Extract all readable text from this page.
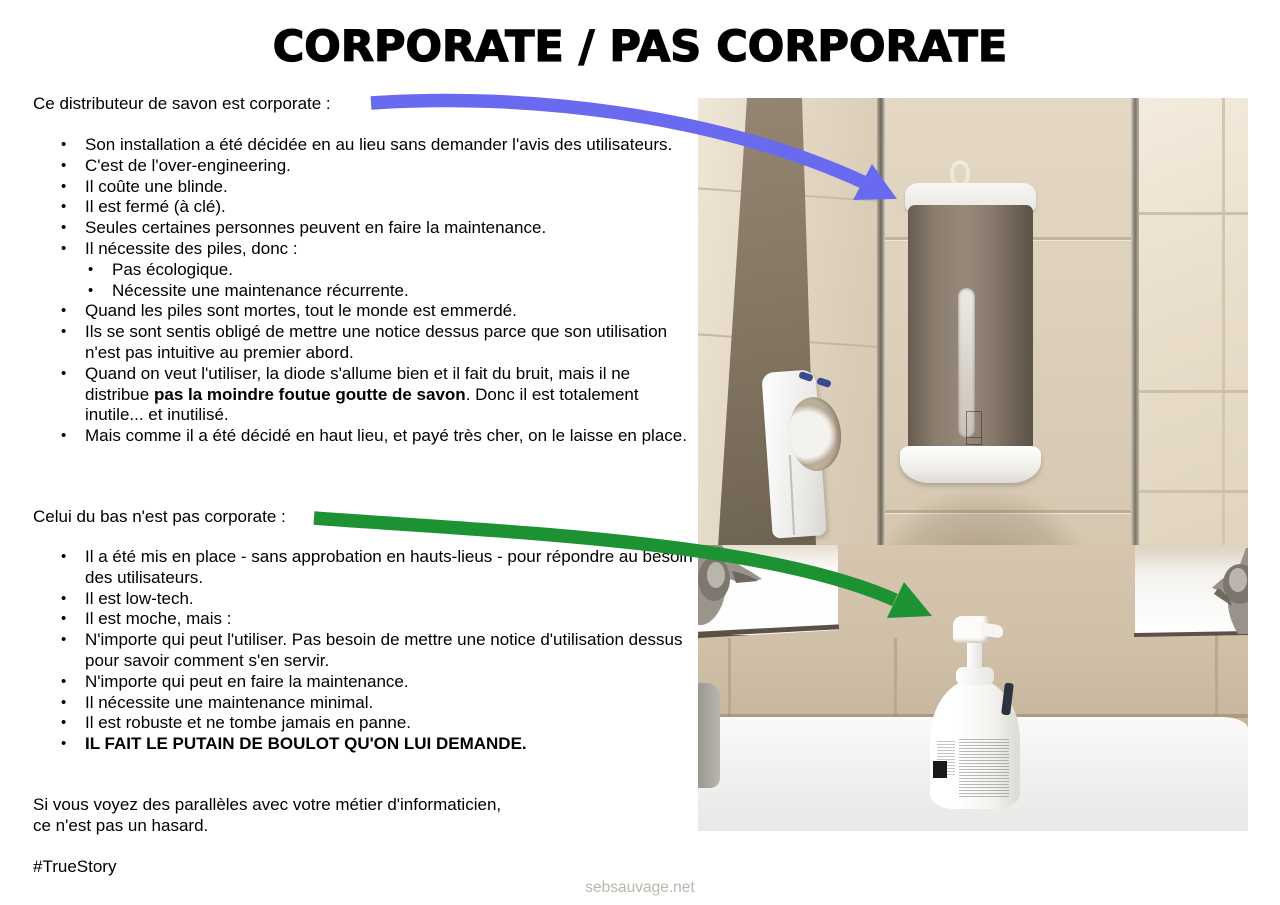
CORPORATE / PAS CORPORATE
Ce distributeur de savon est corporate :
• Son installation a été décidée en au lieu sans demander l'avis des utilisateurs.
• C'est de l'over-engineering.
• Il coûte une blinde.
• Il est fermé (à clé).
• Seules certaines personnes peuvent en faire la maintenance.
• Il nécessite des piles, donc :
• Pas écologique.
• Nécessite une maintenance récurrente.
• Quand les piles sont mortes, tout le monde est emmerdé.
• Ils se sont sentis obligé de mettre une notice dessus parce que son utilisation n'est pas intuitive au premier abord.
• Quand on veut l'utiliser, la diode s'allume bien et il fait du bruit, mais il ne distribue pas la moindre foutue goutte de savon. Donc il est totalement inutile... et inutilisé.
• Mais comme il a été décidé en haut lieu, et payé très cher, on le laisse en place.
Celui du bas n'est pas corporate :
• Il a été mis en place - sans approbation en hauts-lieus - pour répondre au besoin des utilisateurs.
• Il est low-tech.
• Il est moche, mais :
• N'importe qui peut l'utiliser. Pas besoin de mettre une notice d'utilisation dessus pour savoir comment s'en servir.
• N'importe qui peut en faire la maintenance.
• Il nécessite une maintenance minimal.
• Il est robuste et ne tombe jamais en panne.
• IL FAIT LE PUTAIN DE BOULOT QU'ON LUI DEMANDE.
Si vous voyez des parallèles avec votre métier d'informaticien,
ce n'est pas un hasard.
#TrueStory
sebsauvage.net
